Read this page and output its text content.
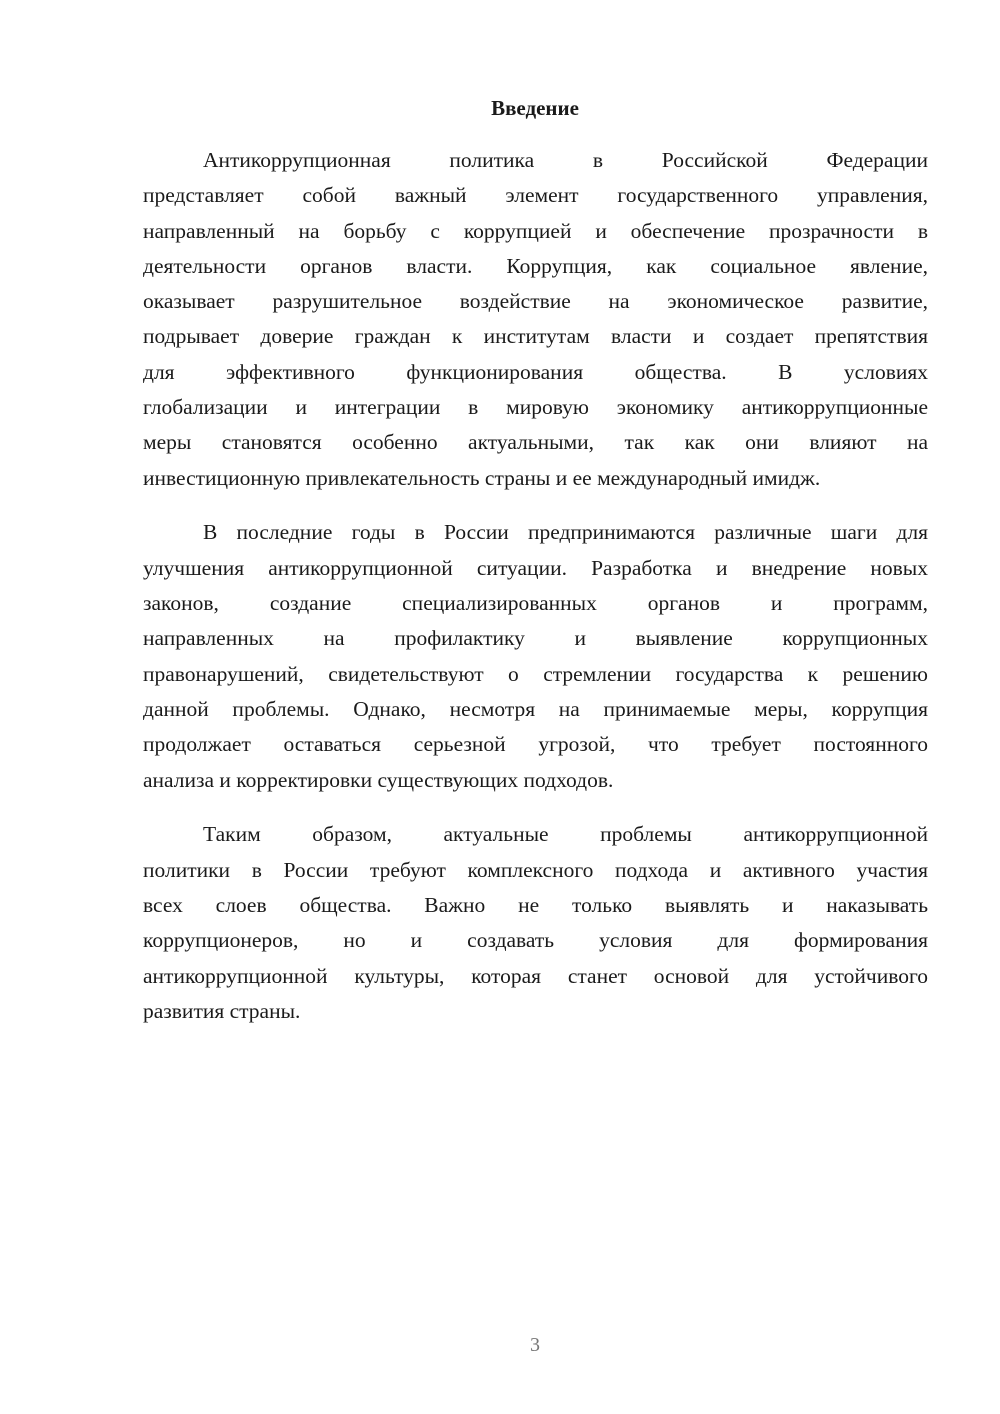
Введение
Антикоррупционная политика в Российской Федерации
представляет собой важный элемент государственного управления,
направленный на борьбу с коррупцией и обеспечение прозрачности в
деятельности органов власти. Коррупция, как социальное явление,
оказывает разрушительное воздействие на экономическое развитие,
подрывает доверие граждан к институтам власти и создает препятствия
для эффективного функционирования общества. В условиях
глобализации и интеграции в мировую экономику антикоррупционные
меры становятся особенно актуальными, так как они влияют на
инвестиционную привлекательность страны и ее международный имидж.
В последние годы в России предпринимаются различные шаги для
улучшения антикоррупционной ситуации. Разработка и внедрение новых
законов, создание специализированных органов и программ,
направленных на профилактику и выявление коррупционных
правонарушений, свидетельствуют о стремлении государства к решению
данной проблемы. Однако, несмотря на принимаемые меры, коррупция
продолжает оставаться серьезной угрозой, что требует постоянного
анализа и корректировки существующих подходов.
Таким образом, актуальные проблемы антикоррупционной
политики в России требуют комплексного подхода и активного участия
всех слоев общества. Важно не только выявлять и наказывать
коррупционеров, но и создавать условия для формирования
антикоррупционной культуры, которая станет основой для устойчивого
развития страны.
3
